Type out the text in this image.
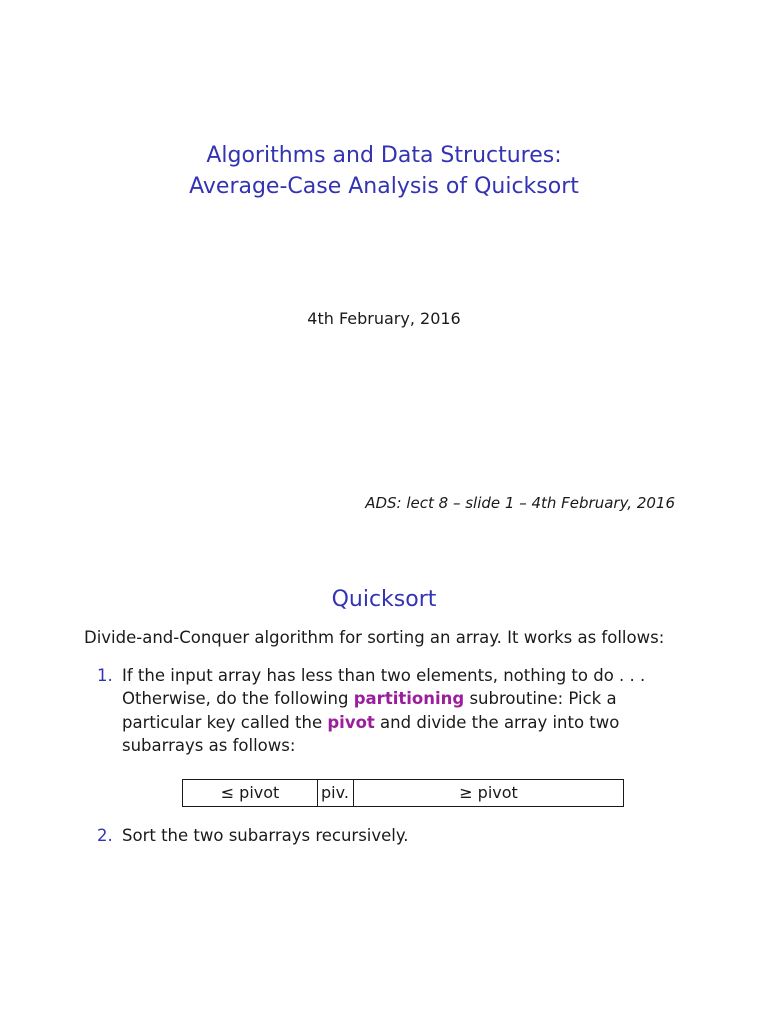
Algorithms and Data Structures:
Average-Case Analysis of Quicksort
4th February, 2016
ADS: lect 8 – slide 1 – 4th February, 2016
Quicksort
Divide-and-Conquer algorithm for sorting an array. It works as follows:
1. If the input array has less than two elements, nothing to do . . .
Otherwise, do the following partitioning subroutine: Pick a
particular key called the pivot and divide the array into two
subarrays as follows:
≤ pivot	piv.	≥ pivot
2. Sort the two subarrays recursively.
